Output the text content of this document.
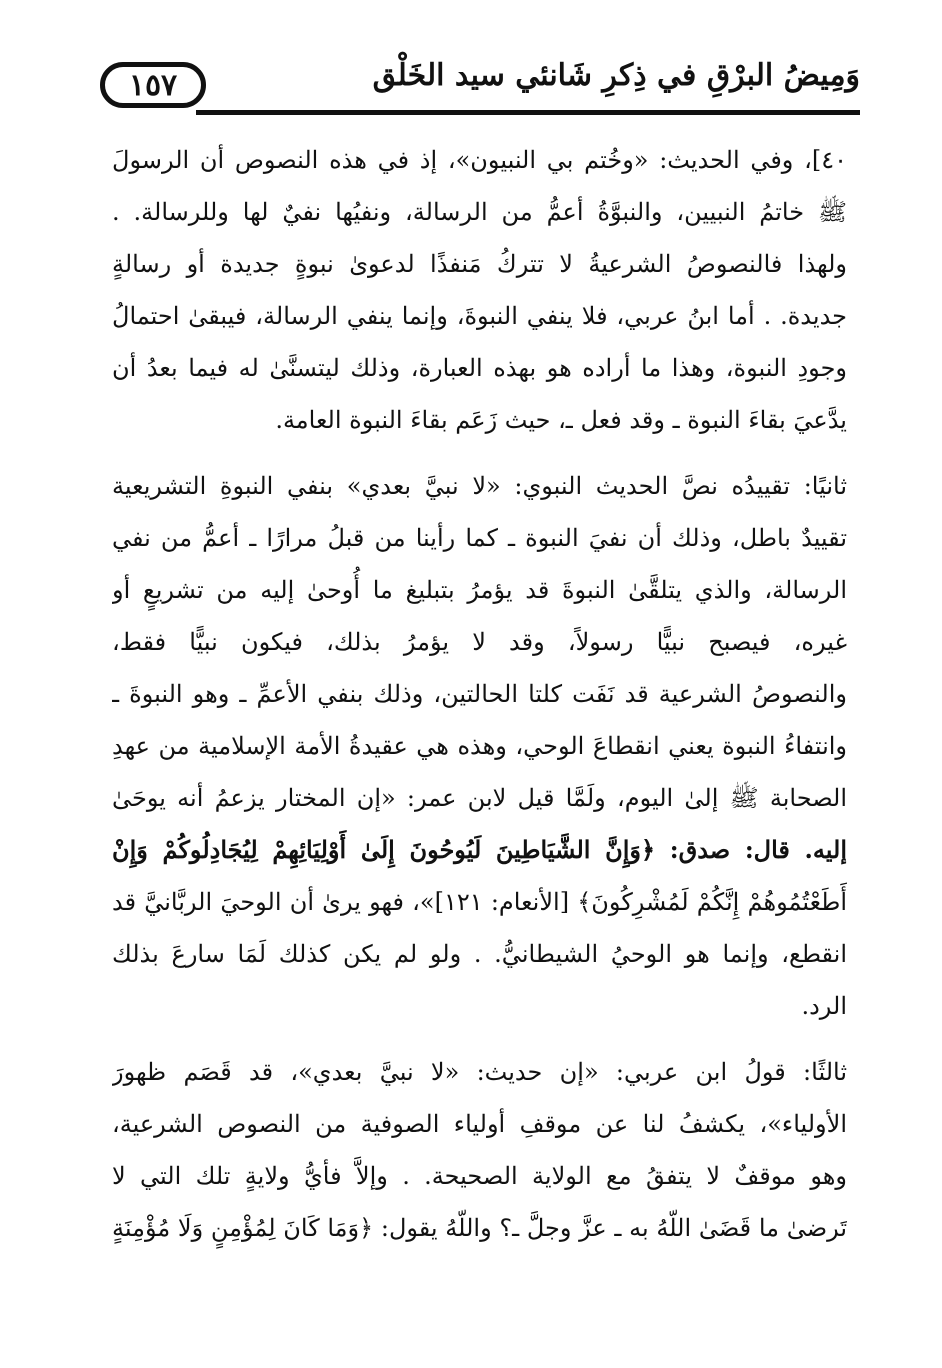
وَمِيضُ البرْقِ في ذِكرِ شَانئي سيد الخَلْق
١٥٧
٤٠]، وفي الحديث: «وخُتم بي النبيون»، إذ في هذه النصوص أن الرسولَ
ﷺ خاتمُ النبيين، والنبوَّةُ أعمُّ من الرسالة، ونفيُها نفيٌ لها وللرسالة. .
ولهذا فالنصوصُ الشرعيةُ لا تتركُ مَنفذًا لدعوىٰ نبوةٍ جديدة أو رسالةٍ
جديدة. . أما ابنُ عربي، فلا ينفي النبوةَ، وإنما ينفي الرسالة، فيبقىٰ احتمالُ
وجودِ النبوة، وهذا ما أراده هو بهذه العبارة، وذلك ليتسنَّىٰ له فيما بعدُ أن
يدَّعيَ بقاءَ النبوة ـ وقد فعل ـ، حيث زَعَم بقاءَ النبوة العامة.
ثانيًا: تقييدُه نصَّ الحديث النبوي: «لا نبيَّ بعدي» بنفي النبوةِ التشريعية
تقييدٌ باطل، وذلك أن نفيَ النبوة ـ كما رأينا من قبلُ مرارًا ـ أعمُّ من نفي
الرسالة، والذي يتلقَّىٰ النبوةَ قد يؤمرُ بتبليغ ما أُوحىٰ إليه من تشريعٍ أو
غيره، فيصبح نبيًّا رسولاً، وقد لا يؤمرُ بذلك، فيكون نبيًّا فقط،
والنصوصُ الشرعية قد نَفَت كلتا الحالتين، وذلك بنفي الأعمِّ ـ وهو النبوةَ ـ
وانتفاءُ النبوة يعني انقطاعَ الوحي، وهذه هي عقيدةُ الأمة الإسلامية من عهدِ
الصحابة ﷺ إلىٰ اليوم، ولَمَّا قيل لابن عمر: «إن المختار يزعمُ أنه يوحَىٰ
إليه. قال: صدق: ﴿وَإِنَّ الشَّيَاطِينَ لَيُوحُونَ إِلَىٰ أَوْلِيَائِهِمْ لِيُجَادِلُوكُمْ وَإِنْ
أَطَعْتُمُوهُمْ إِنَّكُمْ لَمُشْرِكُونَ﴾ [الأنعام: ١٢١]»، فهو يرىٰ أن الوحيَ الربَّانيَّ قد
انقطع، وإنما هو الوحيُ الشيطانيُّ. . ولو لم يكن كذلك لَمَا سارعَ بذلك
الرد.
ثالثًا: قولُ ابن عربي: «إن حديث: «لا نبيَّ بعدي»، قد قَصَم ظهورَ
الأولياء»، يكشفُ لنا عن موقفِ أولياء الصوفية من النصوص الشرعية،
وهو موقفٌ لا يتفقُ مع الولاية الصحيحة. . وإلاَّ فأيُّ ولايةٍ تلك التي لا
تَرضىٰ ما قَضَىٰ اللّهُ به ـ عزَّ وجلَّ ـ؟ واللّهُ يقول: ﴿وَمَا كَانَ لِمُؤْمِنٍ وَلَا مُؤْمِنَةٍ
